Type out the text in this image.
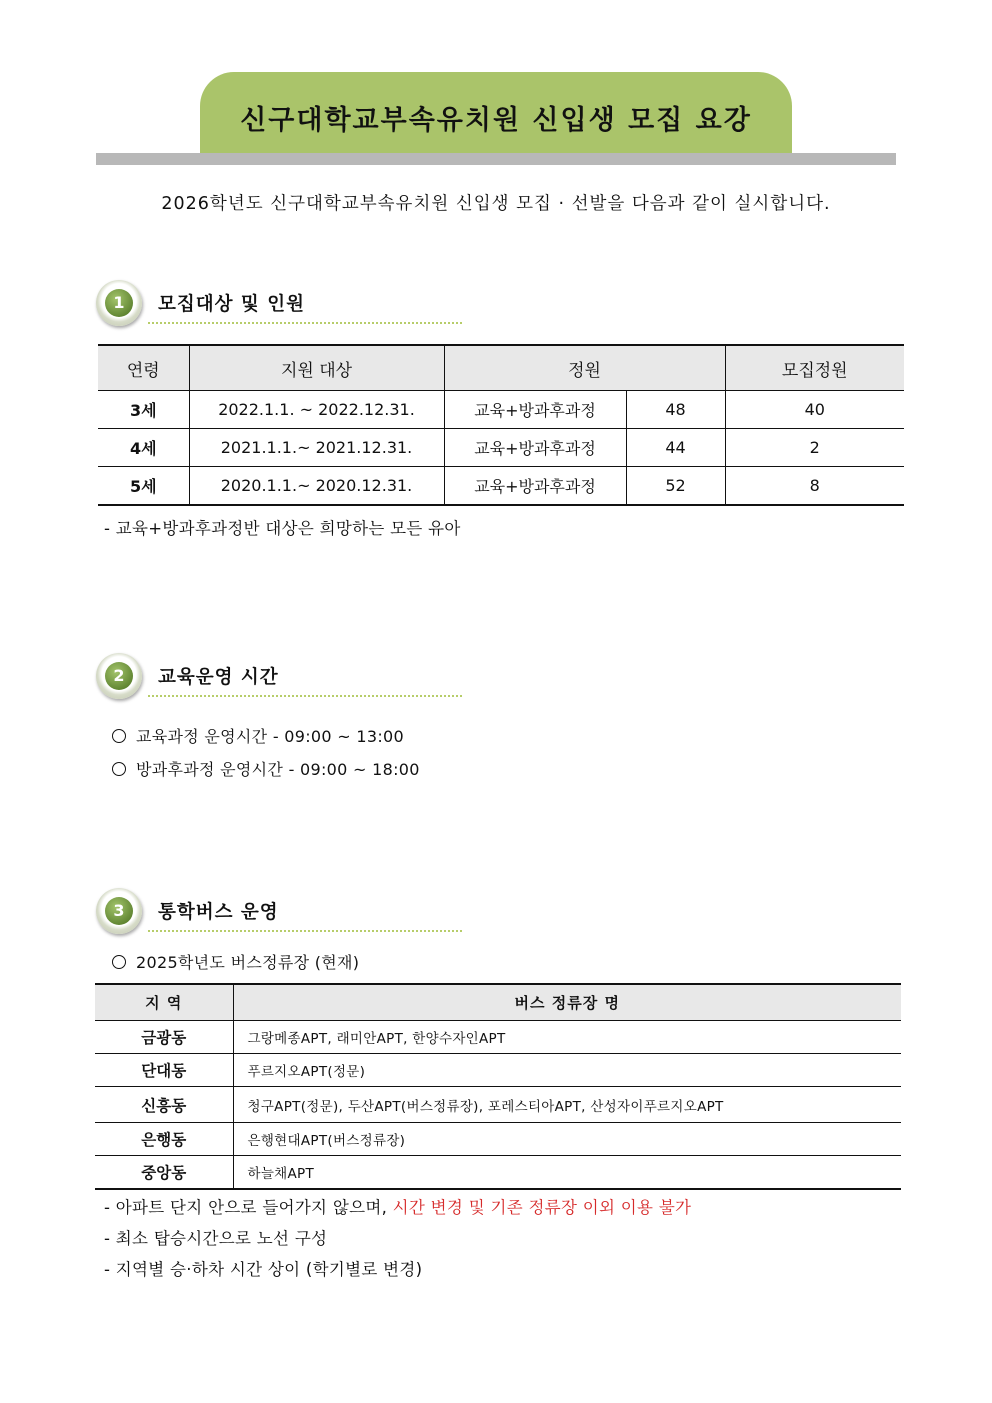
신구대학교부속유치원 신입생 모집 요강
2026학년도 신구대학교부속유치원 신입생 모집 · 선발을 다음과 같이 실시합니다.
1	모집대상 및 인원
연령	지원 대상	정원		모집정원
3세	2022.1.1. ~ 2022.12.31.	교육+방과후과정	48	40
4세	2021.1.1.~ 2021.12.31.	교육+방과후과정	44	2
5세	2020.1.1.~ 2020.12.31.	교육+방과후과정	52	8
- 교육+방과후과정반 대상은 희망하는 모든 유아
2	교육운영 시간
교육과정 운영시간 - 09:00 ~ 13:00
방과후과정 운영시간 - 09:00 ~ 18:00
3	통학버스 운영
2025학년도 버스정류장 (현재)
지 역	버스 정류장 명
금광동	그랑메종APT, 래미안APT, 한양수자인APT
단대동	푸르지오APT(정문)
신흥동	청구APT(정문), 두산APT(버스정류장), 포레스티아APT, 산성자이푸르지오APT
은행동	은행현대APT(버스정류장)
중앙동	하늘채APT
- 아파트 단지 안으로 들어가지 않으며, 시간 변경 및 기존 정류장 이외 이용 불가
- 최소 탑승시간으로 노선 구성
- 지역별 승·하차 시간 상이 (학기별로 변경)
